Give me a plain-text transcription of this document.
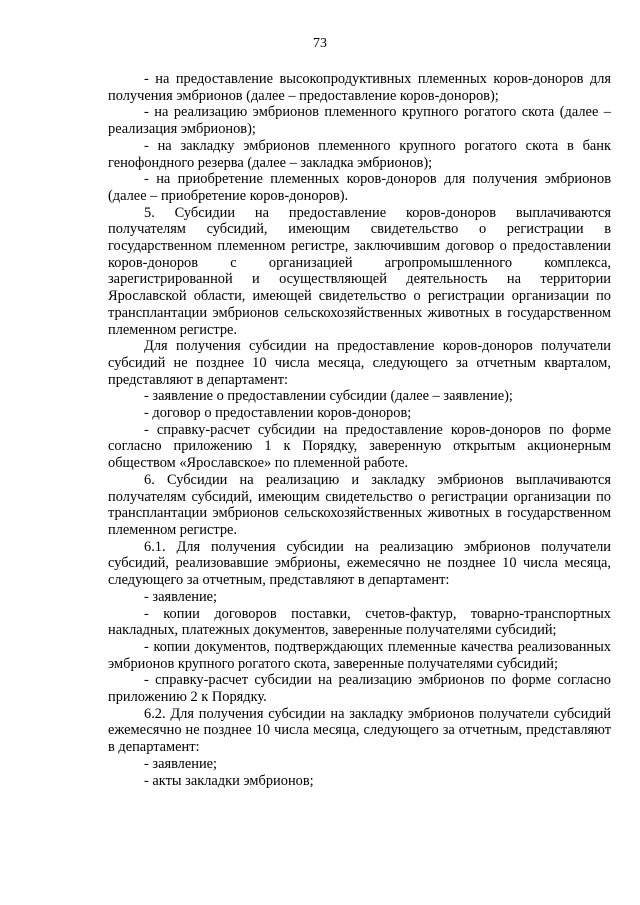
73

- на предоставление высокопродуктивных племенных коров-доноров для получения эмбрионов (далее – предоставление коров-доноров);

- на реализацию эмбрионов племенного крупного рогатого скота (далее – реализация эмбрионов);

- на закладку эмбрионов племенного крупного рогатого скота в банк генофондного резерва (далее – закладка эмбрионов);

- на приобретение племенных коров-доноров для получения эмбрионов (далее – приобретение коров-доноров).

5. Субсидии на предоставление коров-доноров выплачиваются получателям субсидий, имеющим свидетельство о регистрации в государственном племенном регистре, заключившим договор о предоставлении коров-доноров с организацией агропромышленного комплекса, зарегистрированной и осуществляющей деятельность на территории Ярославской области, имеющей свидетельство о регистрации организации по трансплантации эмбрионов сельскохозяйственных животных в государственном племенном регистре.

Для получения субсидии на предоставление коров-доноров получатели субсидий не позднее 10 числа месяца, следующего за отчетным кварталом, представляют в департамент:

- заявление о предоставлении субсидии (далее – заявление);

- договор о предоставлении коров-доноров;

- справку-расчет субсидии на предоставление коров-доноров по форме согласно приложению 1 к Порядку, заверенную открытым акционерным обществом «Ярославское» по племенной работе.

6. Субсидии на реализацию и закладку эмбрионов выплачиваются получателям субсидий, имеющим свидетельство о регистрации организации по трансплантации эмбрионов сельскохозяйственных животных в государственном племенном регистре.

6.1. Для получения субсидии на реализацию эмбрионов получатели субсидий, реализовавшие эмбрионы, ежемесячно не позднее 10 числа месяца, следующего за отчетным, представляют в департамент:

- заявление;

- копии договоров поставки, счетов-фактур, товарно-транспортных накладных, платежных документов, заверенные получателями субсидий;

- копии документов, подтверждающих племенные качества реализованных эмбрионов крупного рогатого скота, заверенные получателями субсидий;

- справку-расчет субсидии на реализацию эмбрионов по форме согласно приложению 2 к Порядку.

6.2. Для получения субсидии на закладку эмбрионов получатели субсидий ежемесячно не позднее 10 числа месяца, следующего за отчетным, представляют в департамент:

- заявление;

- акты закладки эмбрионов;
